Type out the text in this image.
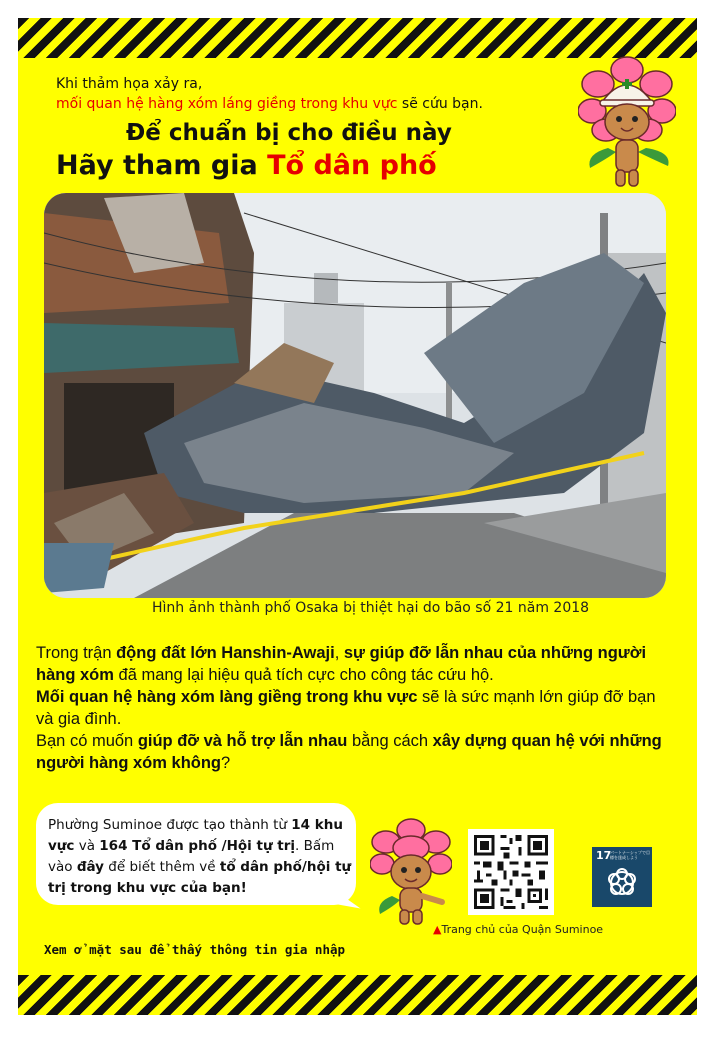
Khi thảm họa xảy ra,
mối quan hệ hàng xóm láng giềng trong khu vực sẽ cứu bạn.
Để chuẩn bị cho điều này
Hãy tham gia Tổ dân phố
Hình ảnh thành phố Osaka bị thiệt hại do bão số 21 năm 2018

Trong trận động đất lớn Hanshin-Awaji, sự giúp đỡ lẫn nhau của những người hàng xóm đã mang lại hiệu quả tích cực cho công tác cứu hộ.

Mối quan hệ hàng xóm làng giềng trong khu vực sẽ là sức mạnh lớn giúp đỡ bạn và gia đình.

Bạn có muốn giúp đỡ và hỗ trợ lẫn nhau bằng cách xây dựng quan hệ với những người hàng xóm không?

Phường Suminoe được tạo thành từ 14 khu vực và 164 Tổ dân phố /Hội tự trị. Bấm vào đây để biết thêm về tổ dân phố/hội tự trị trong khu vực của bạn!
17
パートナーシップで目標を達成しよう
▲Trang chủ của Quận Suminoe
Xem ở mặt sau để thấy thông tin gia nhập
